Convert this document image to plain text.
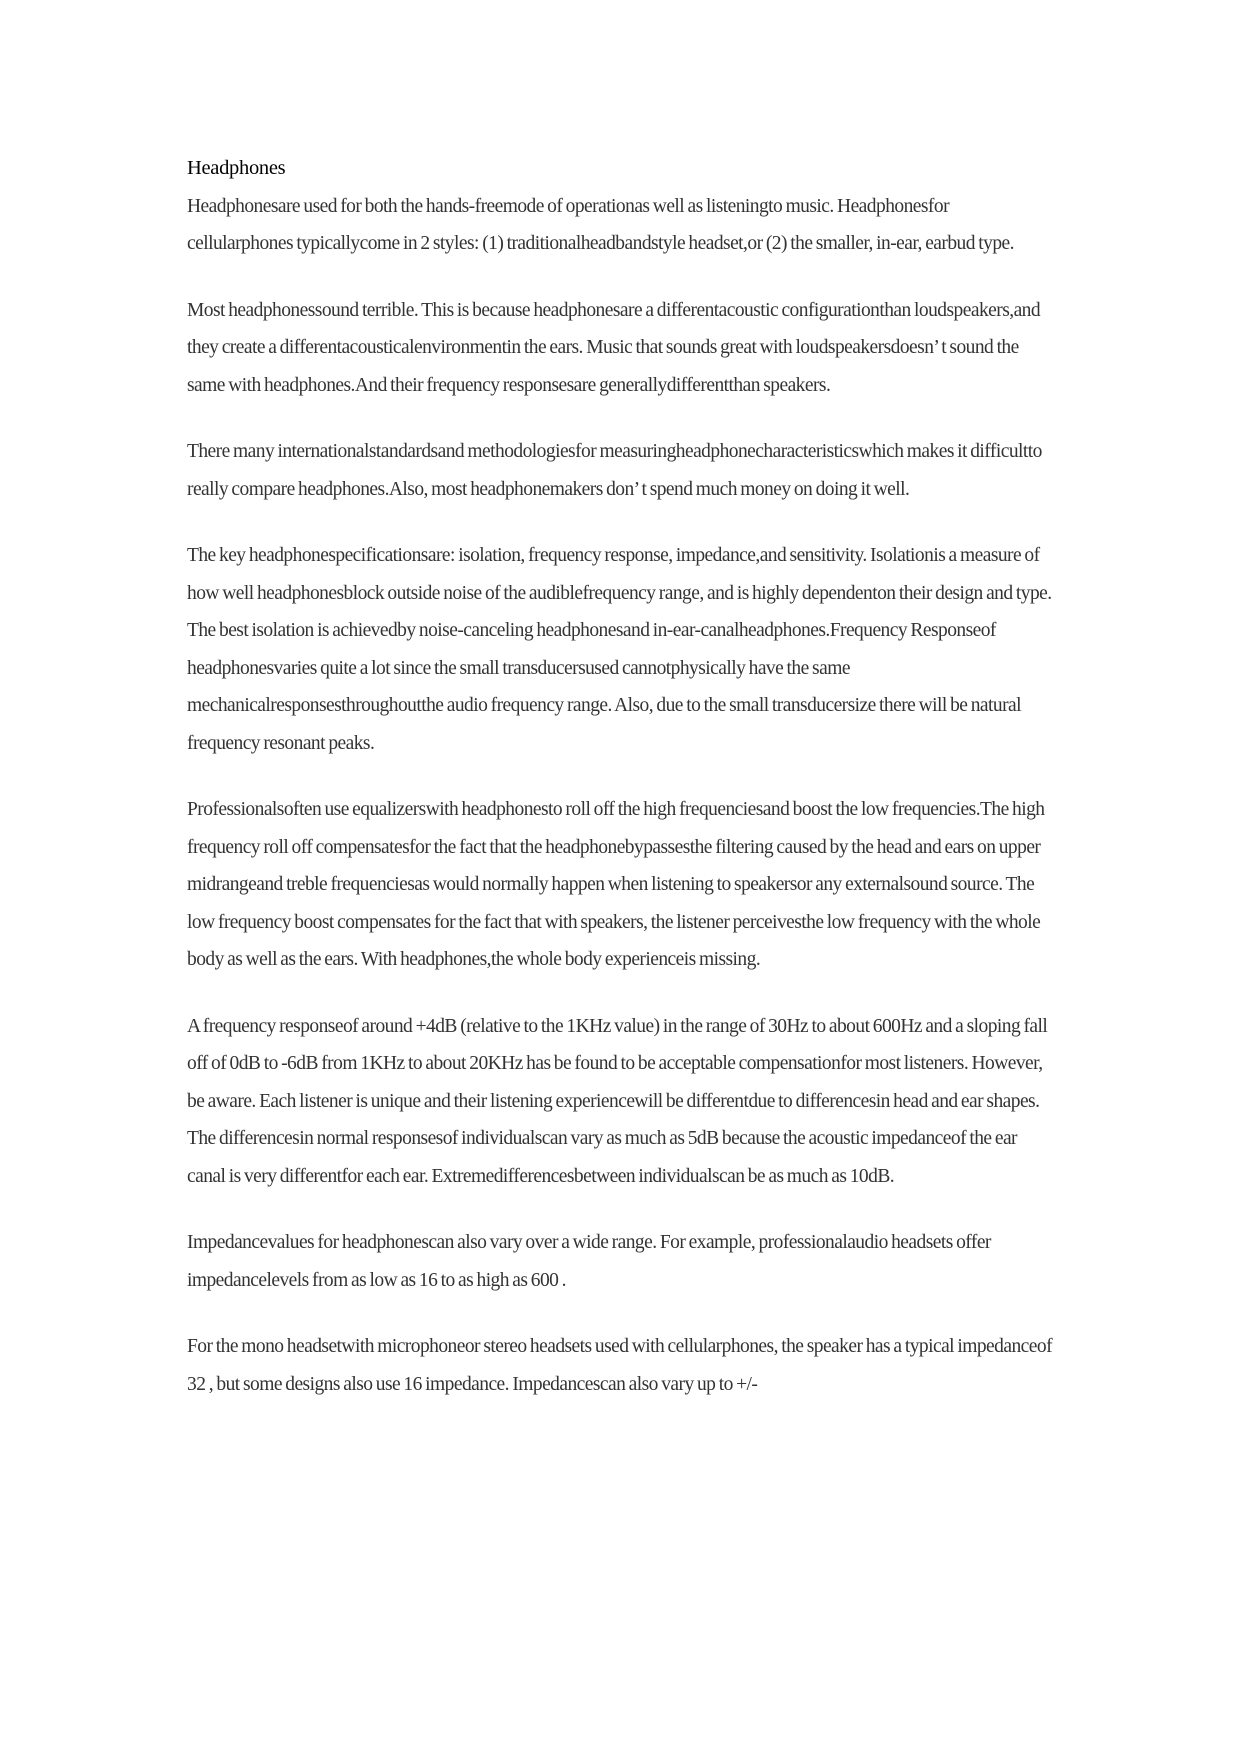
Headphones

Headphonesare used for both the hands-freemode of operationas well as listeningto music. Headphonesfor cellularphones typicallycome in 2 styles: (1) traditionalheadbandstyle headset,or (2) the smaller, in-ear, earbud type.

Most headphonessound terrible. This is because headphonesare a differentacoustic configurationthan loudspeakers,and they create a differentacousticalenvironmentin the ears. Music that sounds great with loudspeakersdoesn’ t sound the same with headphones.And their frequency responsesare generallydifferentthan speakers.

There many internationalstandardsand methodologiesfor measuringheadphonecharacteristicswhich makes it difficultto really compare headphones.Also, most headphonemakers don’ t spend much money on doing it well.

The key headphonespecificationsare: isolation, frequency response, impedance,and sensitivity. Isolationis a measure of how well headphonesblock outside noise of the audiblefrequency range, and is highly dependenton their design and type. The best isolation is achievedby noise-canceling headphonesand in-ear-canalheadphones.Frequency Responseof headphonesvaries quite a lot since the small transducersused cannotphysically have the same mechanicalresponsesthroughoutthe audio frequency range. Also, due to the small transducersize there will be natural frequency resonant peaks.

Professionalsoften use equalizerswith headphonesto roll off the high frequenciesand boost the low frequencies.The high frequency roll off compensatesfor the fact that the headphonebypassesthe filtering caused by the head and ears on upper midrangeand treble frequenciesas would normally happen when listening to speakersor any externalsound source. The low frequency boost compensates for the fact that with speakers, the listener perceivesthe low frequency with the whole body as well as the ears. With headphones,the whole body experienceis missing.

A frequency responseof around +4dB (relative to the 1KHz value) in the range of 30Hz to about 600Hz and a sloping fall off of 0dB to -6dB from 1KHz to about 20KHz has be found to be acceptable compensationfor most listeners. However, be aware. Each listener is unique and their listening experiencewill be differentdue to differencesin head and ear shapes. The differencesin normal responsesof individualscan vary as much as 5dB because the acoustic impedanceof the ear canal is very differentfor each ear. Extremedifferencesbetween individualscan be as much as 10dB.

Impedancevalues for headphonescan also vary over a wide range. For example, professionalaudio headsets offer impedancelevels from as low as 16 to as high as 600 .

For the mono headsetwith microphoneor stereo headsets used with cellularphones, the speaker has a typical impedanceof 32 , but some designs also use 16 impedance. Impedancescan also vary up to +/-
